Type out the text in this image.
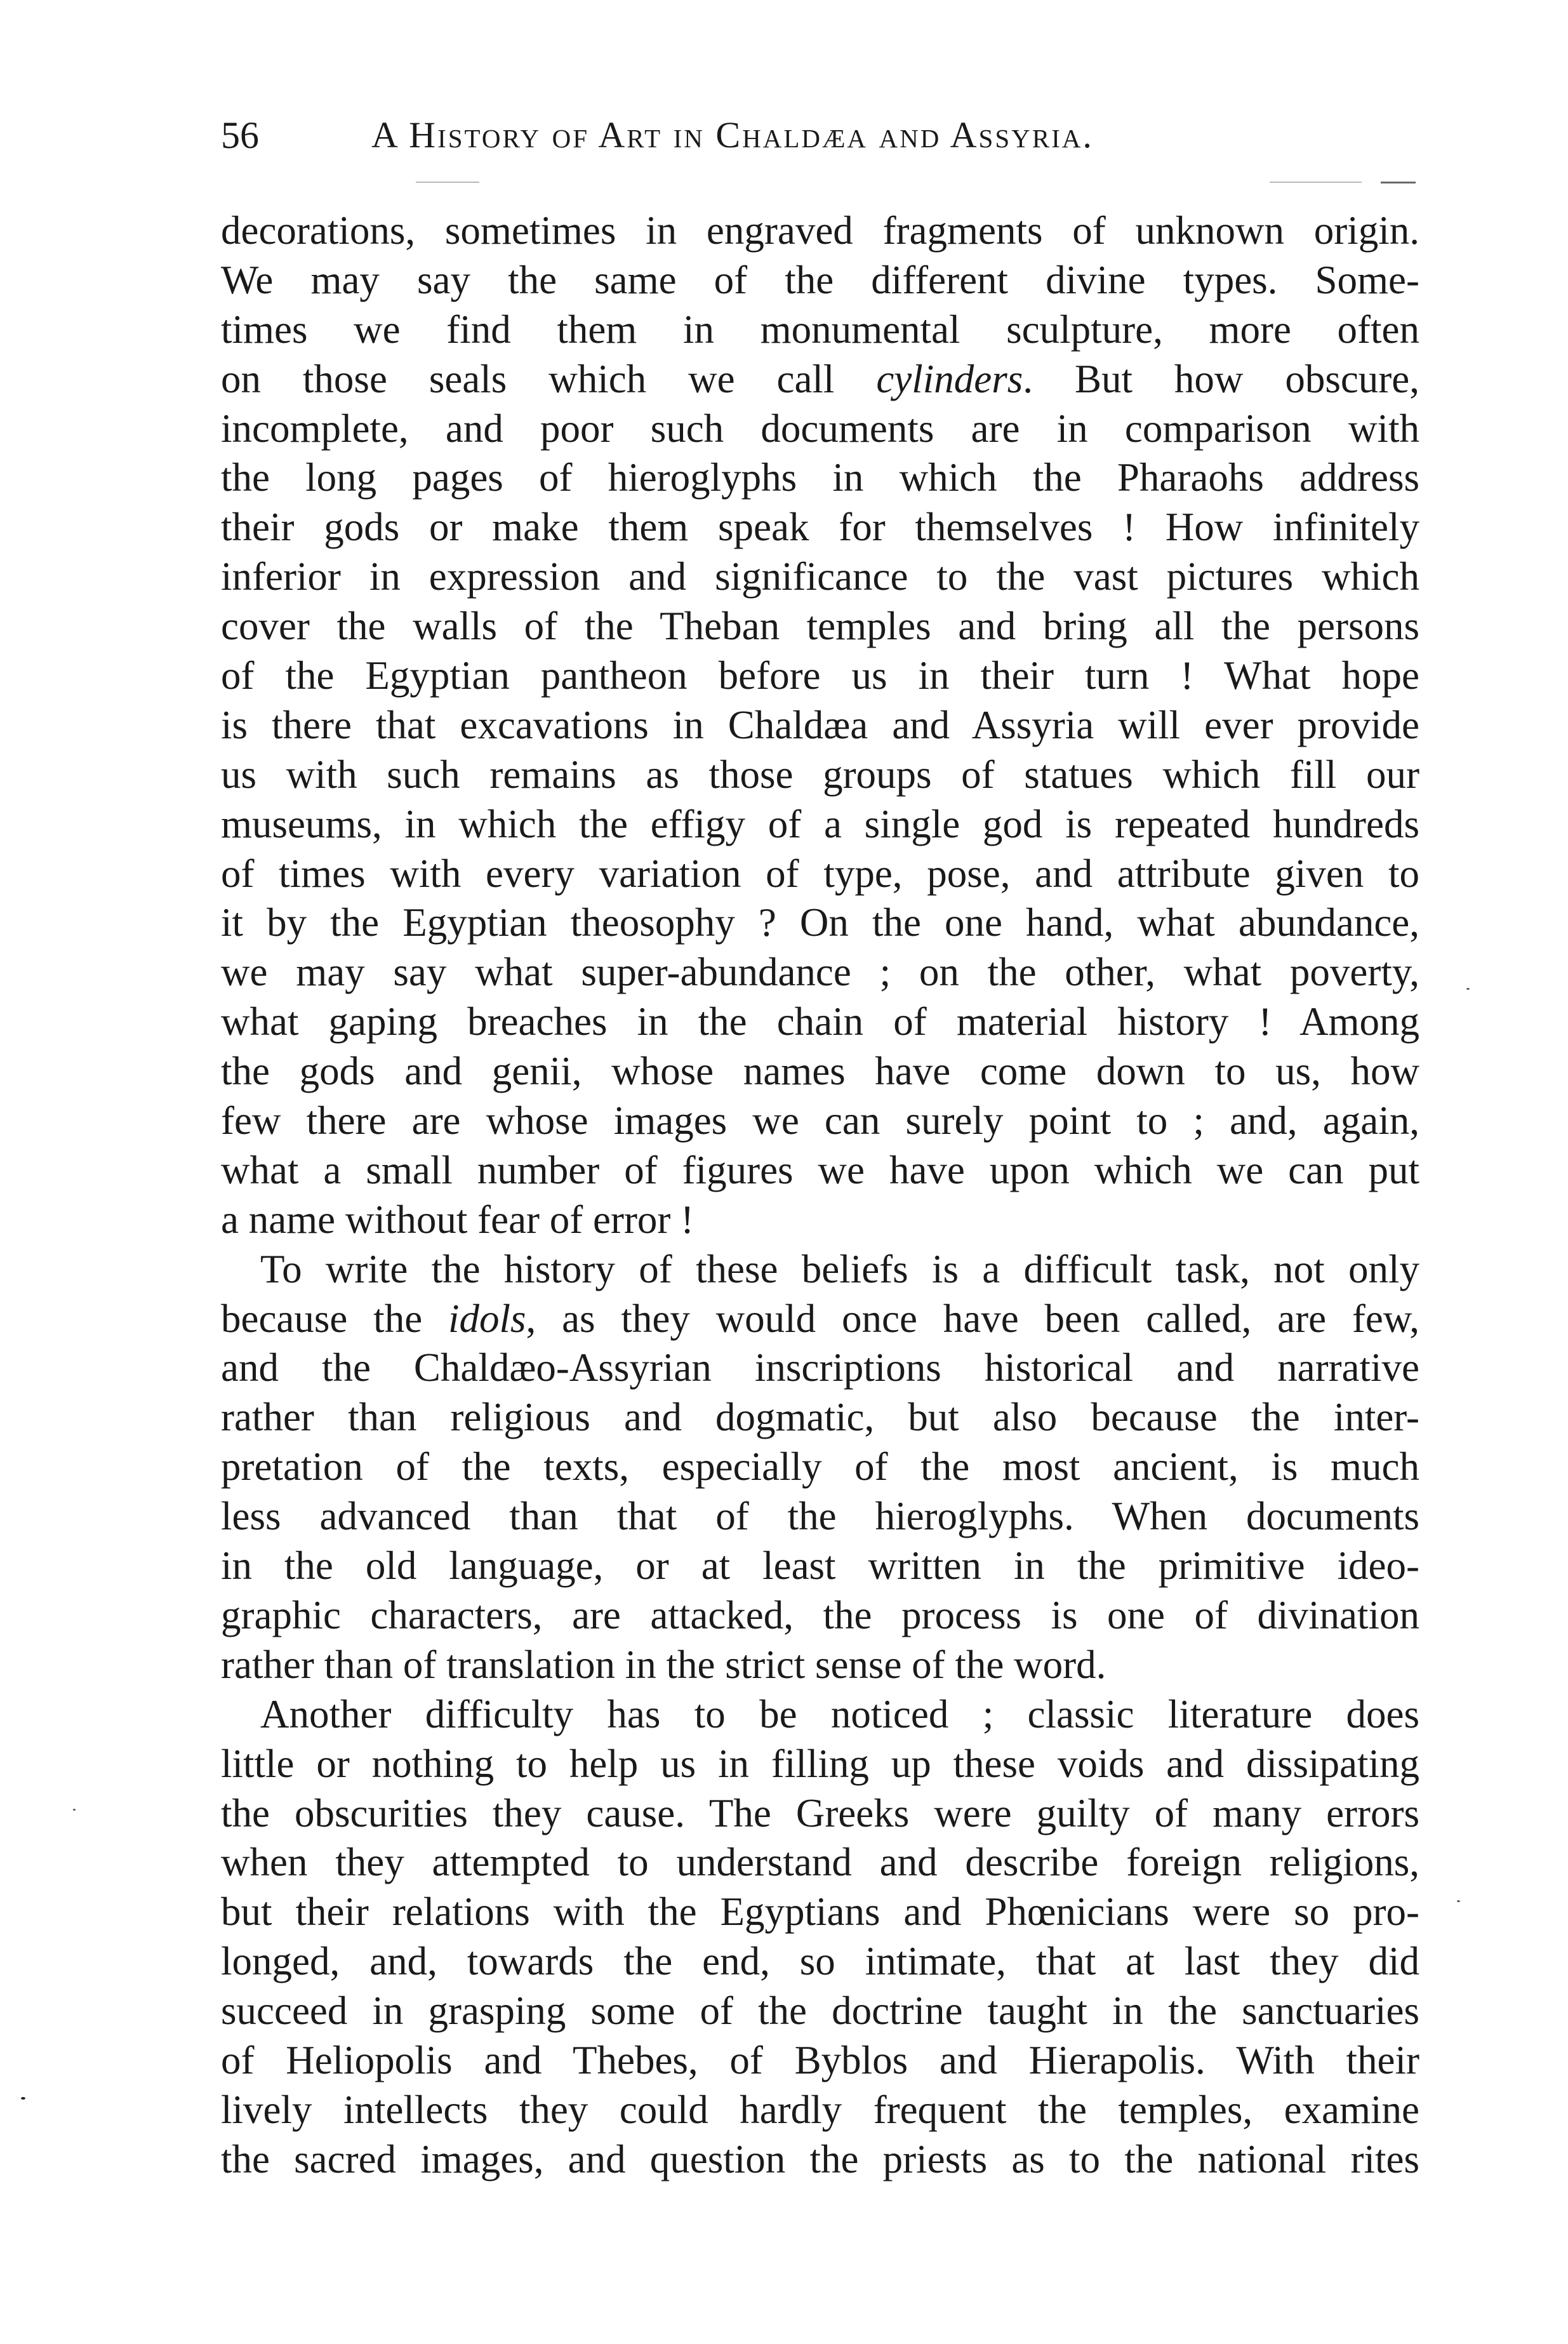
56	A History of Art in Chaldæa and Assyria.
decorations, sometimes in engraved fragments of unknown origin.
We may say the same of the different divine types. Some-
times we find them in monumental sculpture, more often
on those seals which we call cylinders. But how obscure,
incomplete, and poor such documents are in comparison with
the long pages of hieroglyphs in which the Pharaohs address
their gods or make them speak for themselves ! How infinitely
inferior in expression and significance to the vast pictures which
cover the walls of the Theban temples and bring all the persons
of the Egyptian pantheon before us in their turn ! What hope
is there that excavations in Chaldæa and Assyria will ever provide
us with such remains as those groups of statues which fill our
museums, in which the effigy of a single god is repeated hundreds
of times with every variation of type, pose, and attribute given to
it by the Egyptian theosophy ? On the one hand, what abundance,
we may say what super-abundance ; on the other, what poverty,
what gaping breaches in the chain of material history ! Among
the gods and genii, whose names have come down to us, how
few there are whose images we can surely point to ; and, again,
what a small number of figures we have upon which we can put
a name without fear of error !
To write the history of these beliefs is a difficult task, not only
because the idols, as they would once have been called, are few,
and the Chaldæo-Assyrian inscriptions historical and narrative
rather than religious and dogmatic, but also because the inter-
pretation of the texts, especially of the most ancient, is much
less advanced than that of the hieroglyphs. When documents
in the old language, or at least written in the primitive ideo-
graphic characters, are attacked, the process is one of divination
rather than of translation in the strict sense of the word.
Another difficulty has to be noticed ; classic literature does
little or nothing to help us in filling up these voids and dissipating
the obscurities they cause. The Greeks were guilty of many errors
when they attempted to understand and describe foreign religions,
but their relations with the Egyptians and Phœnicians were so pro-
longed, and, towards the end, so intimate, that at last they did
succeed in grasping some of the doctrine taught in the sanctuaries
of Heliopolis and Thebes, of Byblos and Hierapolis. With their
lively intellects they could hardly frequent the temples, examine
the sacred images, and question the priests as to the national rites
